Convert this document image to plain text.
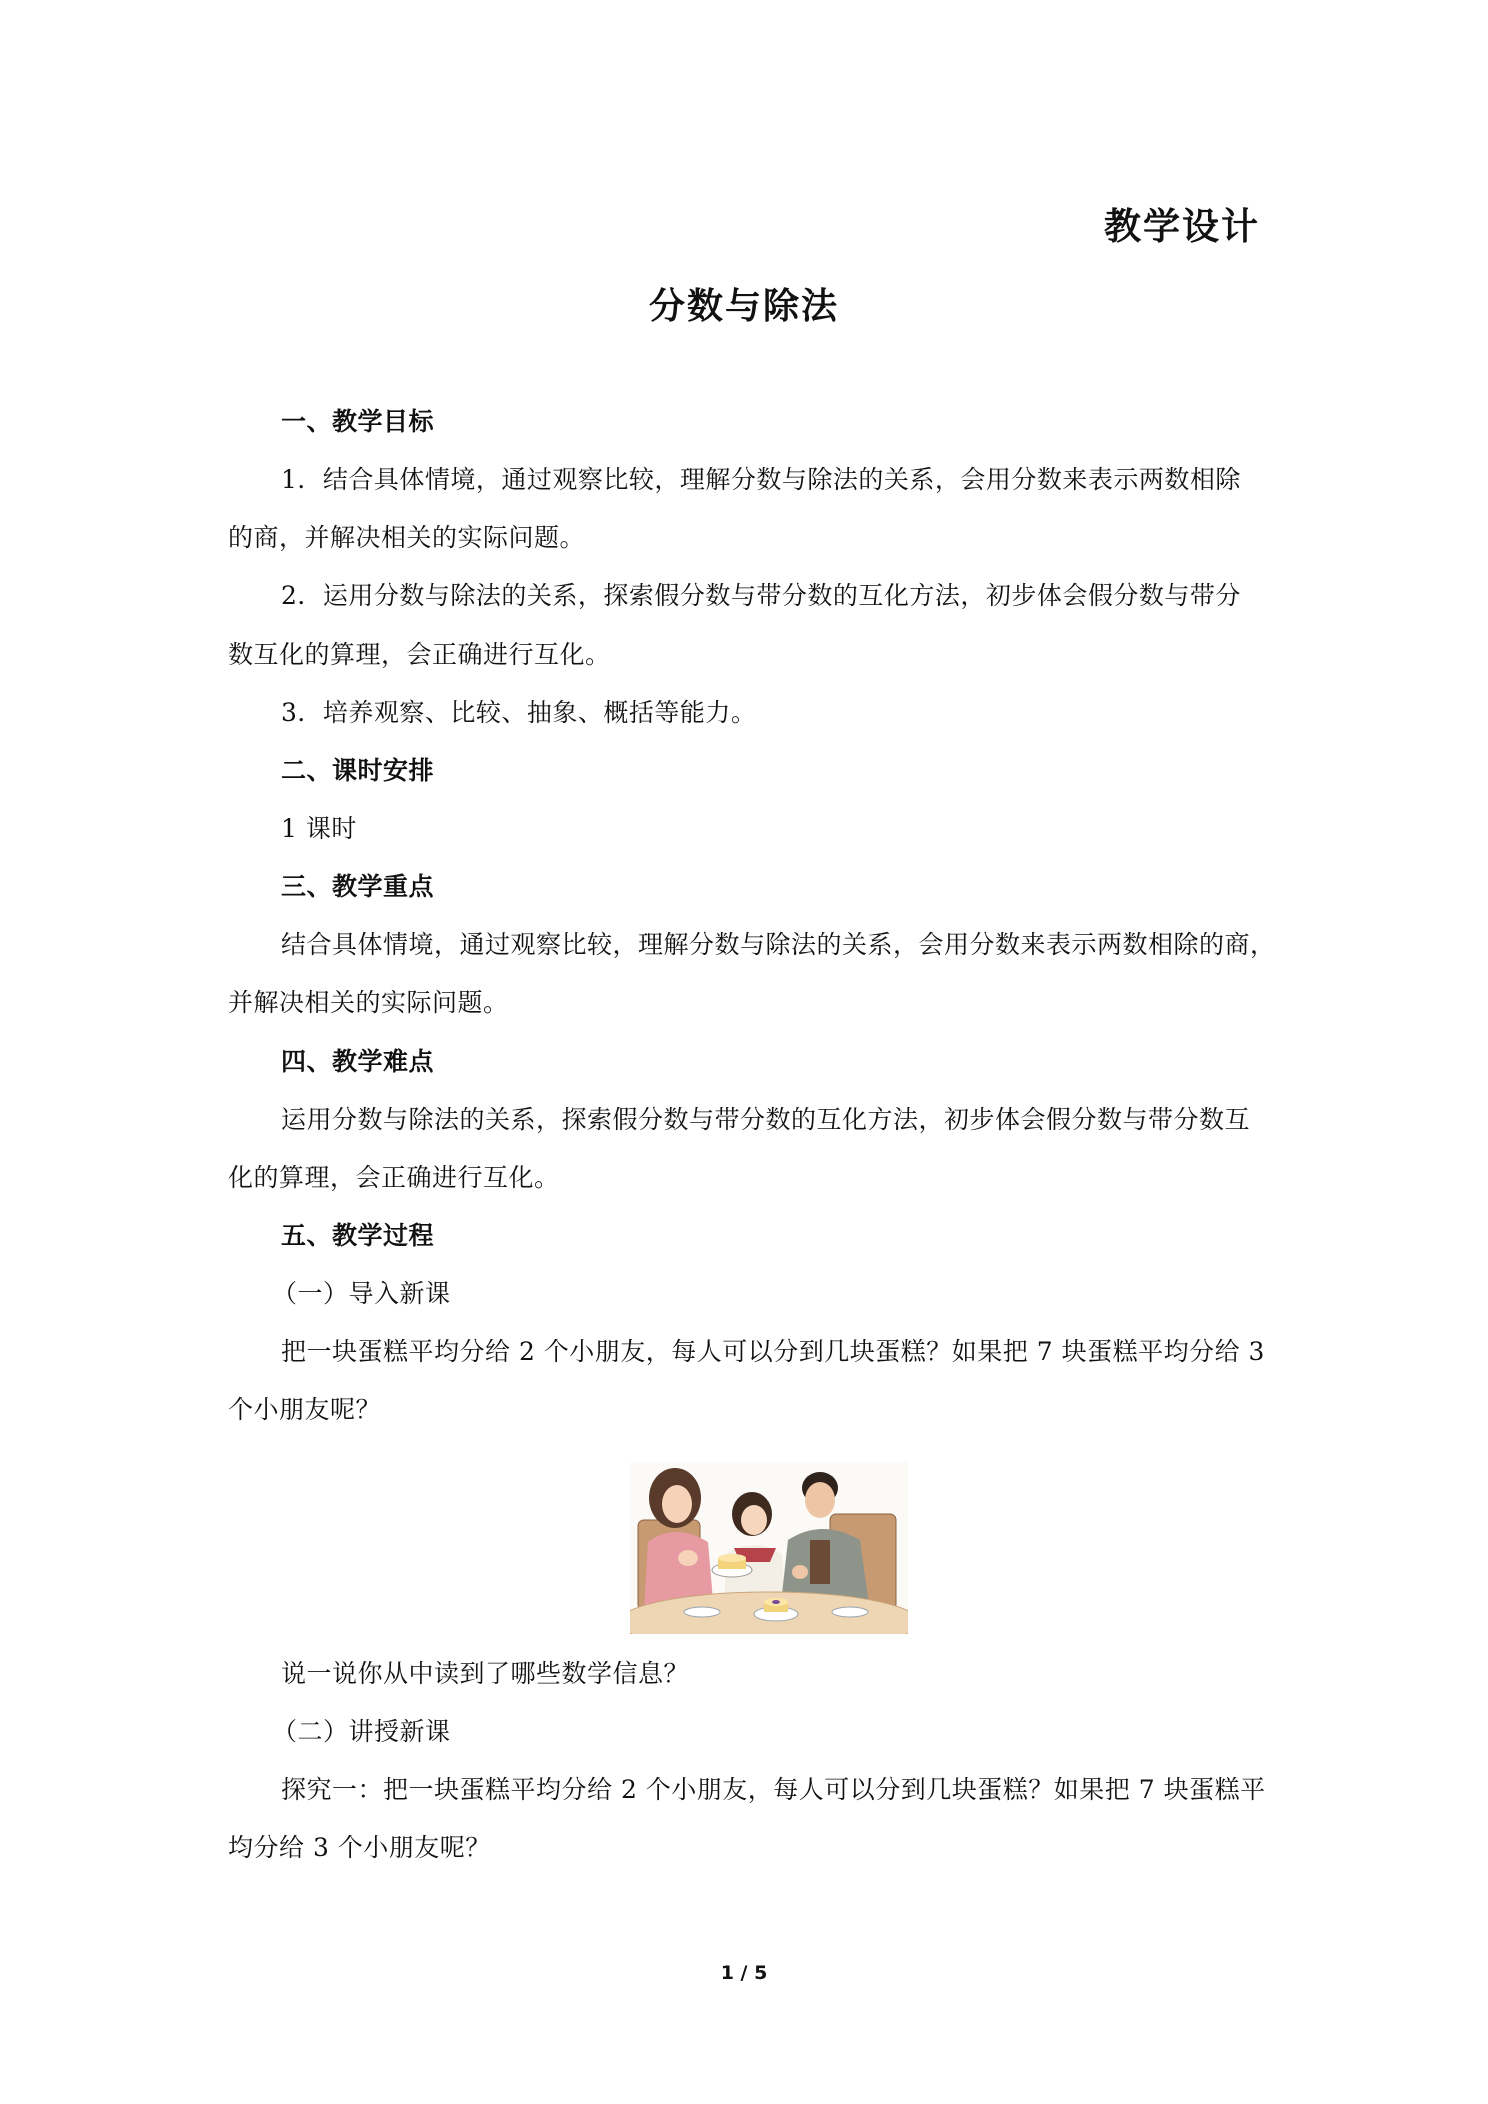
教学设计
分数与除法

一、教学目标

1．结合具体情境，通过观察比较，理解分数与除法的关系，会用分数来表示两数相除

的商，并解决相关的实际问题。

2．运用分数与除法的关系，探索假分数与带分数的互化方法，初步体会假分数与带分

数互化的算理，会正确进行互化。

3．培养观察、比较、抽象、概括等能力。

二、课时安排

1 课时

三、教学重点

结合具体情境，通过观察比较，理解分数与除法的关系，会用分数来表示两数相除的商，

并解决相关的实际问题。

四、教学难点

运用分数与除法的关系，探索假分数与带分数的互化方法，初步体会假分数与带分数互

化的算理，会正确进行互化。

五、教学过程

（一）导入新课

把一块蛋糕平均分给 2 个小朋友，每人可以分到几块蛋糕？如果把 7 块蛋糕平均分给 3

个小朋友呢？

说一说你从中读到了哪些数学信息？

（二）讲授新课

探究一：把一块蛋糕平均分给 2 个小朋友，每人可以分到几块蛋糕？如果把 7 块蛋糕平

均分给 3 个小朋友呢？

1 / 5
